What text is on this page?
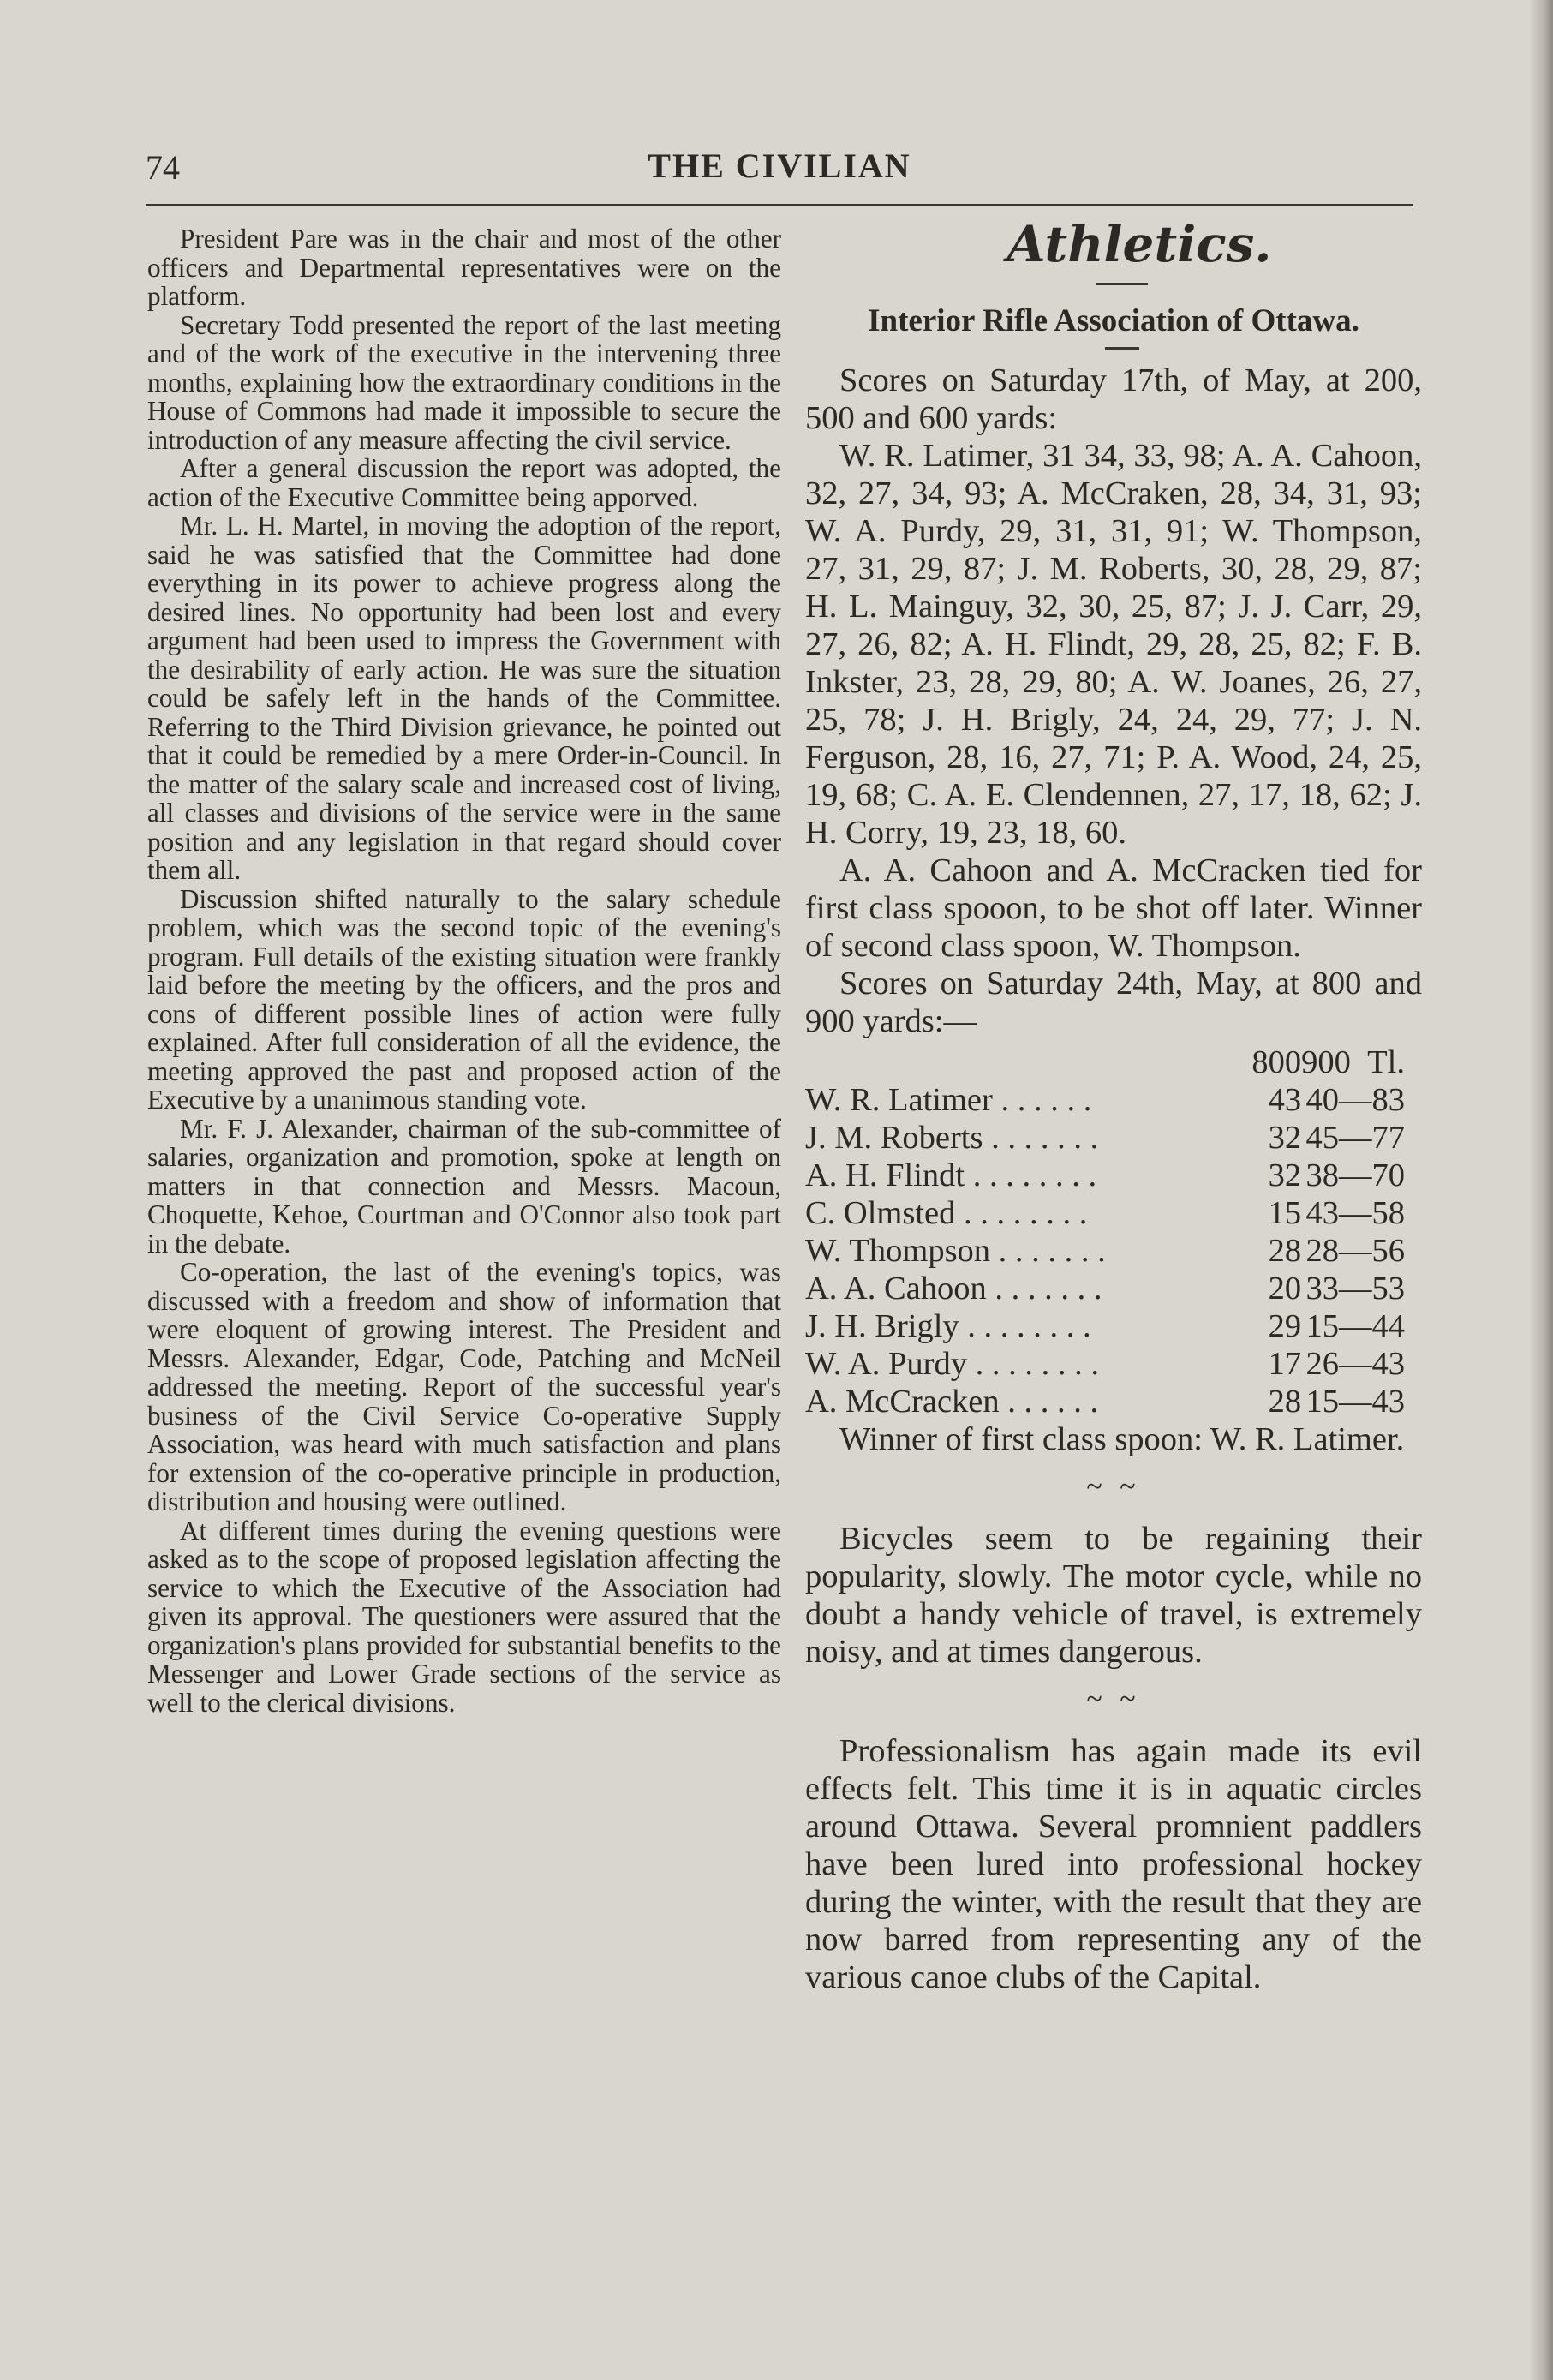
74	THE CIVILIAN

President Pare was in the chair and most of the other officers and Departmental representatives were on the platform.

Secretary Todd presented the report of the last meeting and of the work of the executive in the intervening three months, explaining how the extraordinary conditions in the House of Commons had made it impossible to secure the introduction of any measure affecting the civil service.

After a general discussion the report was adopted, the action of the Executive Committee being apporved.

Mr. L. H. Martel, in moving the adoption of the report, said he was satisfied that the Committee had done everything in its power to achieve progress along the desired lines. No opportunity had been lost and every argument had been used to impress the Government with the desirability of early action. He was sure the situation could be safely left in the hands of the Committee. Referring to the Third Division grievance, he pointed out that it could be remedied by a mere Order-in-Council. In the matter of the salary scale and increased cost of living, all classes and divisions of the service were in the same position and any legislation in that regard should cover them all.

Discussion shifted naturally to the salary schedule problem, which was the second topic of the evening's program. Full details of the existing situation were frankly laid before the meeting by the officers, and the pros and cons of different possible lines of action were fully explained. After full consideration of all the evidence, the meeting approved the past and proposed action of the Executive by a unanimous standing vote.

Mr. F. J. Alexander, chairman of the sub-committee of salaries, organization and promotion, spoke at length on matters in that connection and Messrs. Macoun, Choquette, Kehoe, Courtman and O'Connor also took part in the debate.

Co-operation, the last of the evening's topics, was discussed with a freedom and show of information that were eloquent of growing interest. The President and Messrs. Alexander, Edgar, Code, Patching and McNeil addressed the meeting. Report of the successful year's business of the Civil Service Co-operative Supply Association, was heard with much satisfaction and plans for extension of the co-operative principle in production, distribution and housing were outlined.

At different times during the evening questions were asked as to the scope of proposed legislation affecting the service to which the Executive of the Association had given its approval. The questioners were assured that the organization's plans provided for substantial benefits to the Messenger and Lower Grade sections of the service as well to the clerical divisions.

Athletics.
Interior Rifle Association of Ottawa.

Scores on Saturday 17th, of May, at 200, 500 and 600 yards:

W. R. Latimer, 31 34, 33, 98; A. A. Cahoon, 32, 27, 34, 93; A. McCraken, 28, 34, 31, 93; W. A. Purdy, 29, 31, 31, 91; W. Thompson, 27, 31, 29, 87; J. M. Roberts, 30, 28, 29, 87; H. L. Mainguy, 32, 30, 25, 87; J. J. Carr, 29, 27, 26, 82; A. H. Flindt, 29, 28, 25, 82; F. B. Inkster, 23, 28, 29, 80; A. W. Joanes, 26, 27, 25, 78; J. H. Brigly, 24, 24, 29, 77; J. N. Ferguson, 28, 16, 27, 71; P. A. Wood, 24, 25, 19, 68; C. A. E. Clendennen, 27, 17, 18, 62; J. H. Corry, 19, 23, 18, 60.

A. A. Cahoon and A. McCracken tied for first class spooon, to be shot off later. Winner of second class spoon, W. Thompson.

Scores on Saturday 24th, May, at 800 and 900 yards:—

	800	900 Tl.
W. R. Latimer . . . . . .	43	40—83
J. M. Roberts . . . . . . .	32	45—77
A. H. Flindt . . . . . . . .	32	38—70
C. Olmsted . . . . . . . .	15	43—58
W. Thompson . . . . . . .	28	28—56
A. A. Cahoon . . . . . . .	20	33—53
J. H. Brigly . . . . . . . .	29	15—44
W. A. Purdy . . . . . . . .	17	26—43
A. McCracken . . . . . .	28	15—43

Winner of first class spoon: W. R. Latimer.

~ ~

Bicycles seem to be regaining their popularity, slowly. The motor cycle, while no doubt a handy vehicle of travel, is extremely noisy, and at times dangerous.

~ ~

Professionalism has again made its evil effects felt. This time it is in aquatic circles around Ottawa. Several promnient paddlers have been lured into professional hockey during the winter, with the result that they are now barred from representing any of the various canoe clubs of the Capital.
